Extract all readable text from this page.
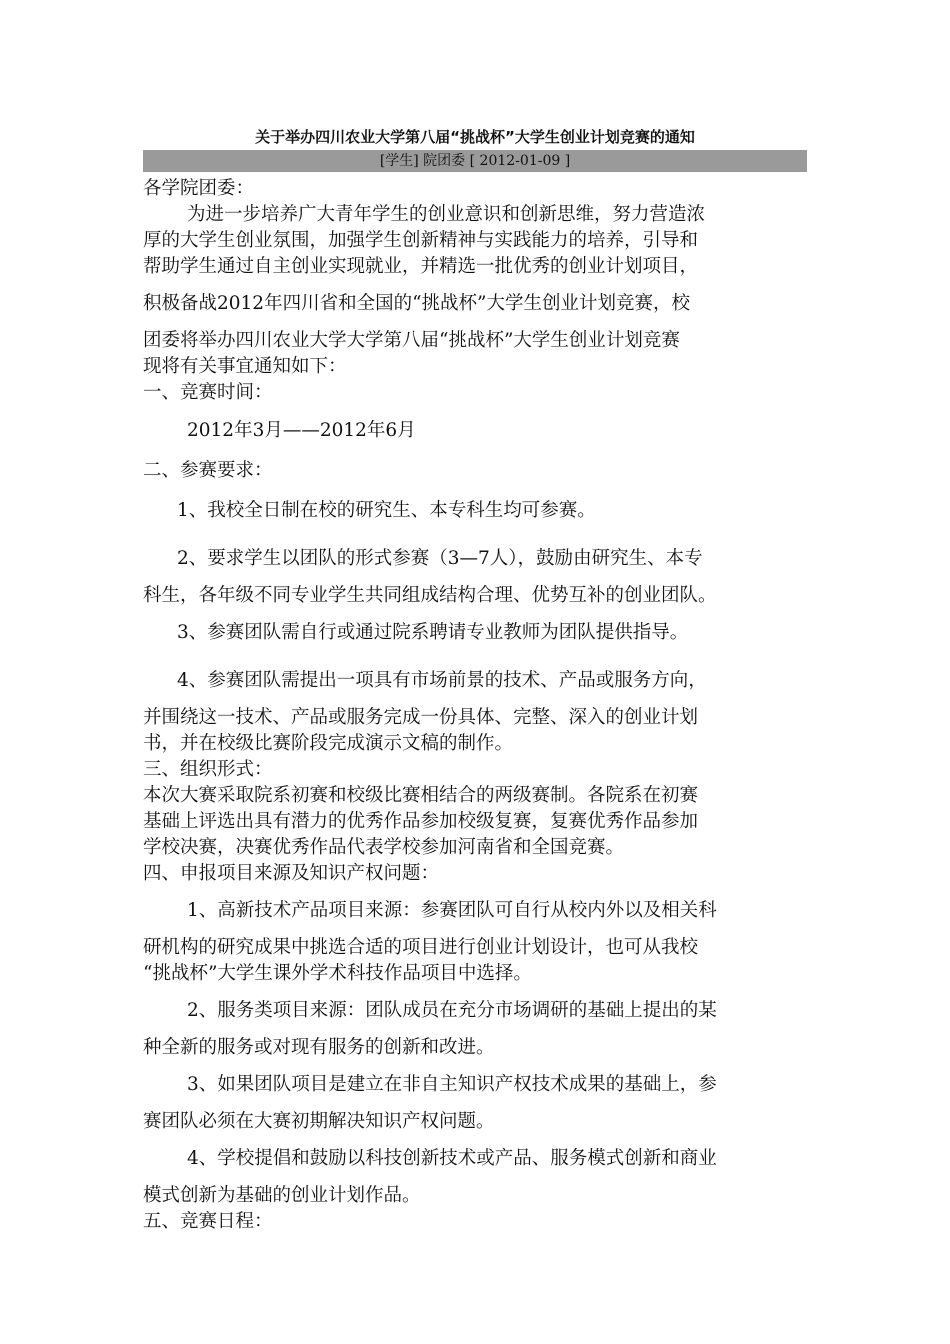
关于举办四川农业大学第八届“挑战杯”大学生创业计划竞赛的通知
[学生] 院团委 [ 2012-01-09 ]

各学院团委：

为进一步培养广大青年学生的创业意识和创新思维，努力营造浓

厚的大学生创业氛围，加强学生创新精神与实践能力的培养，引导和

帮助学生通过自主创业实现就业，并精选一批优秀的创业计划项目，

积极备战2012年四川省和全国的“挑战杯”大学生创业计划竞赛，校

团委将举办四川农业大学大学第八届“挑战杯”大学生创业计划竞赛

现将有关事宜通知如下：

一、竞赛时间：

2012年3月——2012年6月

二、参赛要求：

1、我校全日制在校的研究生、本专科生均可参赛。

2、要求学生以团队的形式参赛（3—7人），鼓励由研究生、本专

科生，各年级不同专业学生共同组成结构合理、优势互补的创业团队。

3、参赛团队需自行或通过院系聘请专业教师为团队提供指导。

4、参赛团队需提出一项具有市场前景的技术、产品或服务方向，

并围绕这一技术、产品或服务完成一份具体、完整、深入的创业计划

书，并在校级比赛阶段完成演示文稿的制作。

三、组织形式：

本次大赛采取院系初赛和校级比赛相结合的两级赛制。各院系在初赛

基础上评选出具有潜力的优秀作品参加校级复赛，复赛优秀作品参加

学校决赛，决赛优秀作品代表学校参加河南省和全国竞赛。

四、申报项目来源及知识产权问题：

1、高新技术产品项目来源：参赛团队可自行从校内外以及相关科

研机构的研究成果中挑选合适的项目进行创业计划设计，也可从我校

“挑战杯”大学生课外学术科技作品项目中选择。

2、服务类项目来源：团队成员在充分市场调研的基础上提出的某

种全新的服务或对现有服务的创新和改进。

3、如果团队项目是建立在非自主知识产权技术成果的基础上，参

赛团队必须在大赛初期解决知识产权问题。

4、学校提倡和鼓励以科技创新技术或产品、服务模式创新和商业

模式创新为基础的创业计划作品。

五、竞赛日程：
